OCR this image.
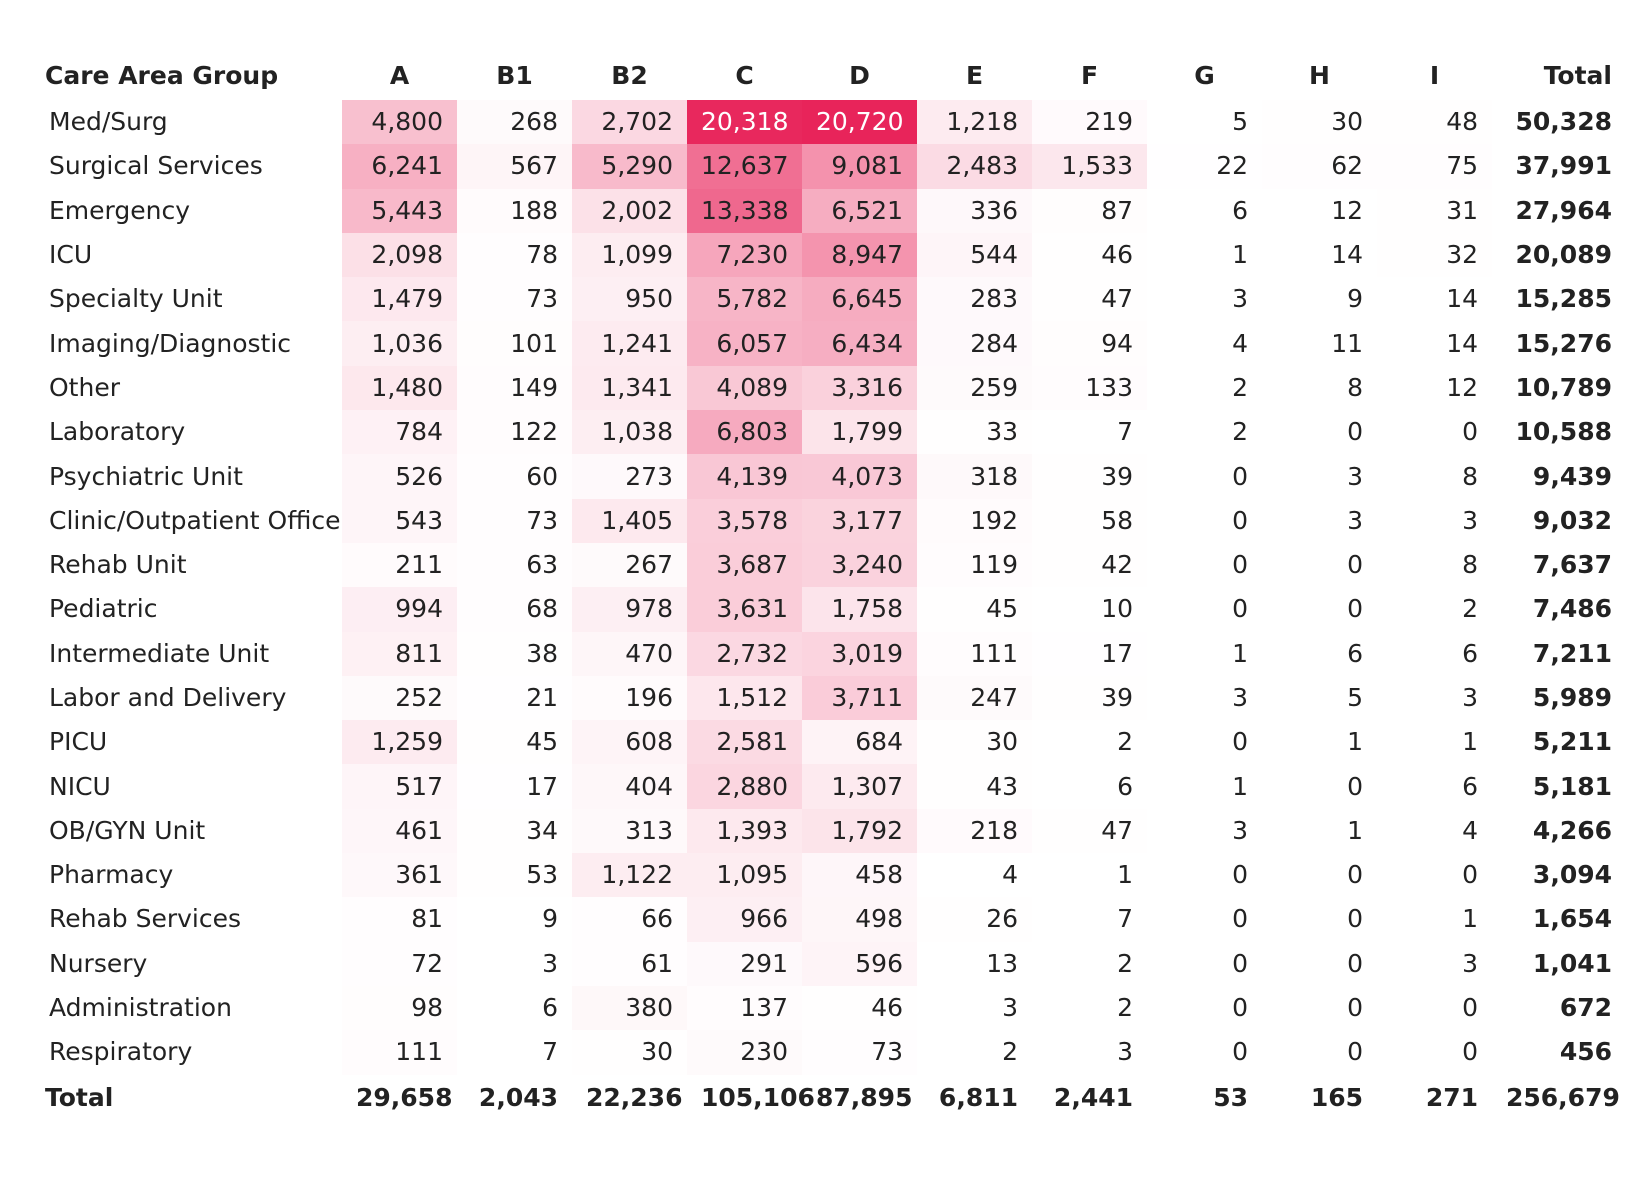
Care Area Group	A	B1	B2	C	D	E	F	G	H	I	Total
Med/Surg	4,800	268	2,702	20,318	20,720	1,218	219	5	30	48	50,328
Surgical Services	6,241	567	5,290	12,637	9,081	2,483	1,533	22	62	75	37,991
Emergency	5,443	188	2,002	13,338	6,521	336	87	6	12	31	27,964
ICU	2,098	78	1,099	7,230	8,947	544	46	1	14	32	20,089
Specialty Unit	1,479	73	950	5,782	6,645	283	47	3	9	14	15,285
Imaging/Diagnostic	1,036	101	1,241	6,057	6,434	284	94	4	11	14	15,276
Other	1,480	149	1,341	4,089	3,316	259	133	2	8	12	10,789
Laboratory	784	122	1,038	6,803	1,799	33	7	2	0	0	10,588
Psychiatric Unit	526	60	273	4,139	4,073	318	39	0	3	8	9,439
Clinic/Outpatient Office	543	73	1,405	3,578	3,177	192	58	0	3	3	9,032
Rehab Unit	211	63	267	3,687	3,240	119	42	0	0	8	7,637
Pediatric	994	68	978	3,631	1,758	45	10	0	0	2	7,486
Intermediate Unit	811	38	470	2,732	3,019	111	17	1	6	6	7,211
Labor and Delivery	252	21	196	1,512	3,711	247	39	3	5	3	5,989
PICU	1,259	45	608	2,581	684	30	2	0	1	1	5,211
NICU	517	17	404	2,880	1,307	43	6	1	0	6	5,181
OB/GYN Unit	461	34	313	1,393	1,792	218	47	3	1	4	4,266
Pharmacy	361	53	1,122	1,095	458	4	1	0	0	0	3,094
Rehab Services	81	9	66	966	498	26	7	0	0	1	1,654
Nursery	72	3	61	291	596	13	2	0	0	3	1,041
Administration	98	6	380	137	46	3	2	0	0	0	672
Respiratory	111	7	30	230	73	2	3	0	0	0	456
Total	29,658	2,043	22,236	105,106	87,895	6,811	2,441	53	165	271	256,679
